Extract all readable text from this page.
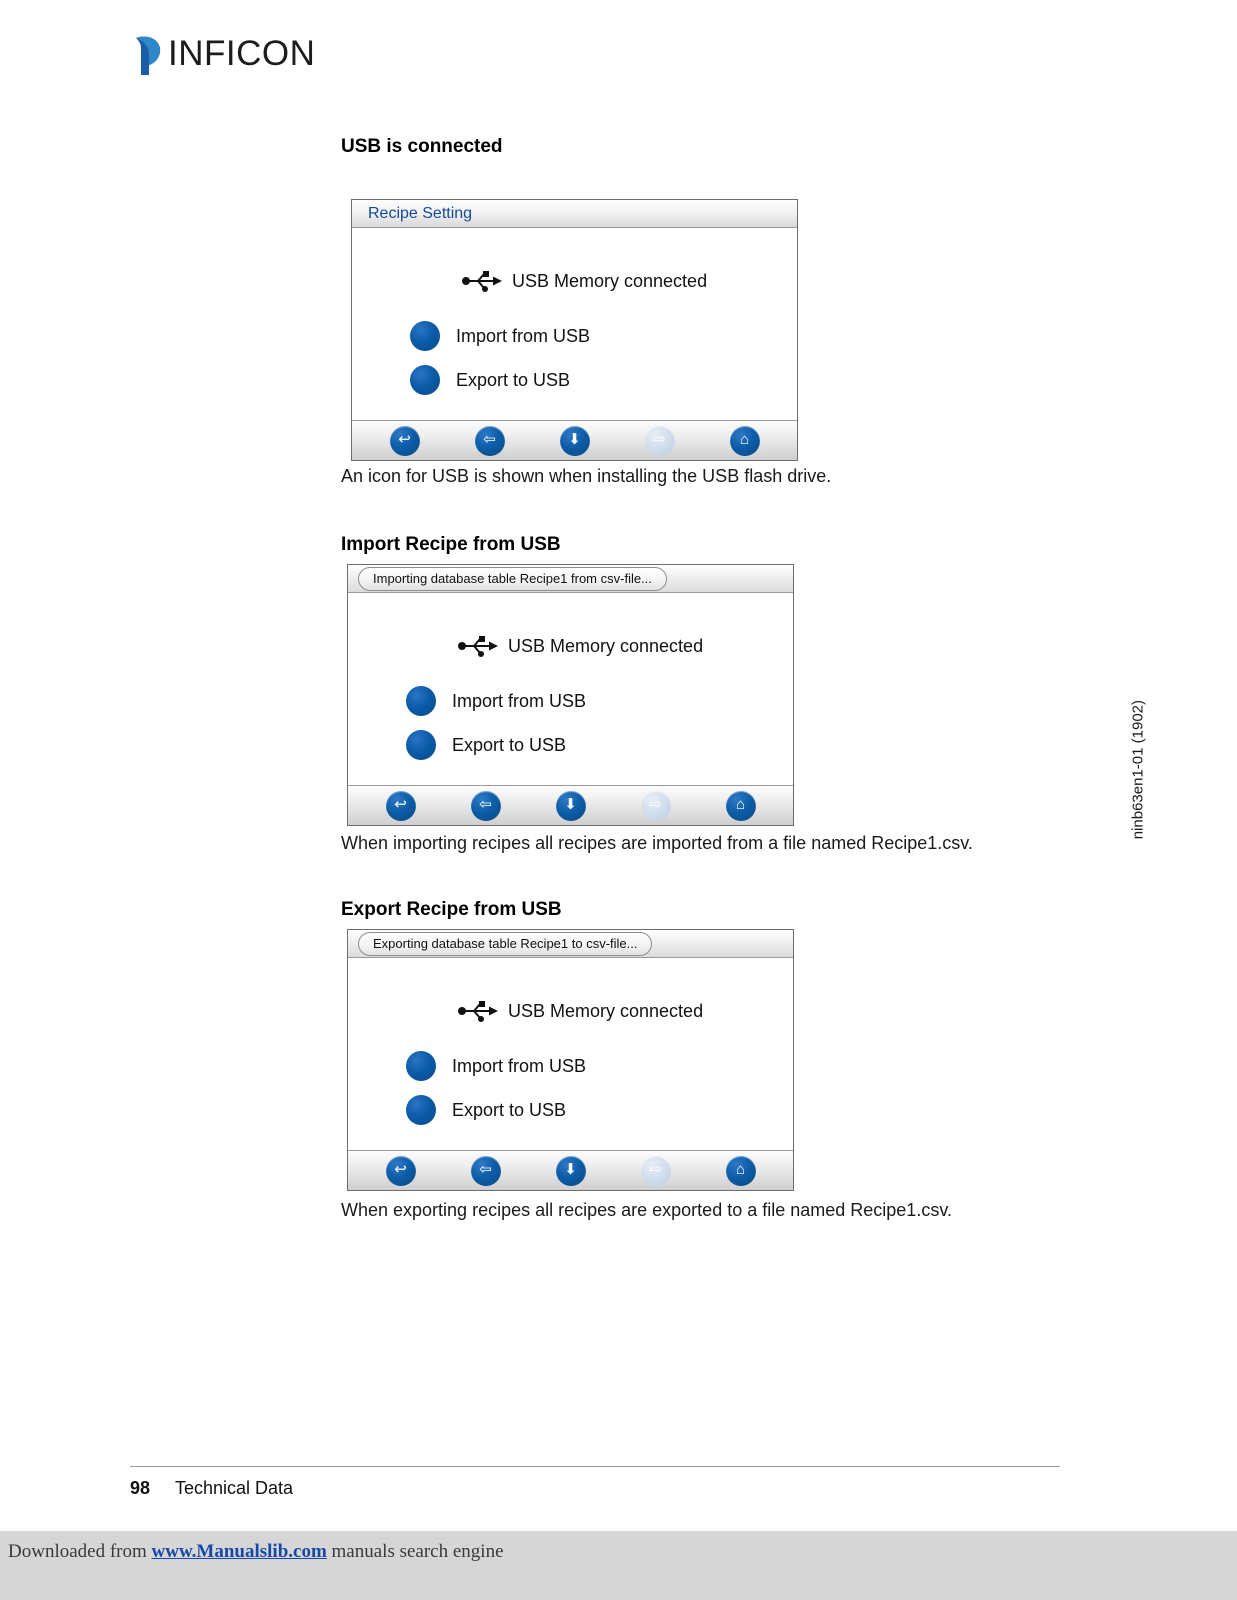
INFICON
USB is connected
Recipe Setting
USB Memory connected
Import from USB
Export to USB
↩	⇦	⬇	⇨	⌂
An icon for USB is shown when installing the USB flash drive.
Import Recipe from USB
Importing database table Recipe1 from csv-file...
USB Memory connected
Import from USB
Export to USB
↩	⇦	⬇	⇨	⌂
When importing recipes all recipes are imported from a file named Recipe1.csv.
Export Recipe from USB
Exporting database table Recipe1 to csv-file...
USB Memory connected
Import from USB
Export to USB
↩	⇦	⬇	⇨	⌂
When exporting recipes all recipes are exported to a file named Recipe1.csv.
ninb63en1-01 (1902)
98 Technical Data
Downloaded from www.Manualslib.com manuals search engine
